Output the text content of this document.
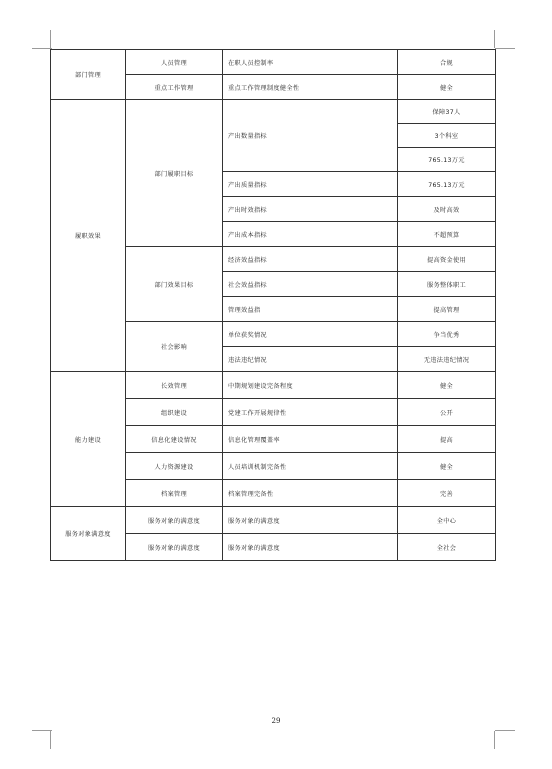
部门管理	人员管理	在职人员控制率	合规
	重点工作管理	重点工作管理制度健全性	健全
履职效果	部门履职目标	产出数量指标	保障37人
			3个科室
			765.13万元
		产出质量指标	765.13万元
		产出时效指标	及时高效
		产出成本指标	不超预算
	部门效果目标	经济效益指标	提高资金使用
		社会效益指标	服务整体职工
		管理效益指	提高管理
	社会影响	单位获奖情况	争当优秀
		违法违纪情况	无违法违纪情况
能力建设	长效管理	中期规划建设完备程度	健全
	组织建设	党建工作开展规律性	公开
	信息化建设情况	信息化管理覆盖率	提高
	人力资源建设	人员培训机制完备性	健全
	档案管理	档案管理完备性	完善
服务对象满意度	服务对象的满意度	服务对象的满意度	全中心
	服务对象的满意度	服务对象的满意度	全社会
29
